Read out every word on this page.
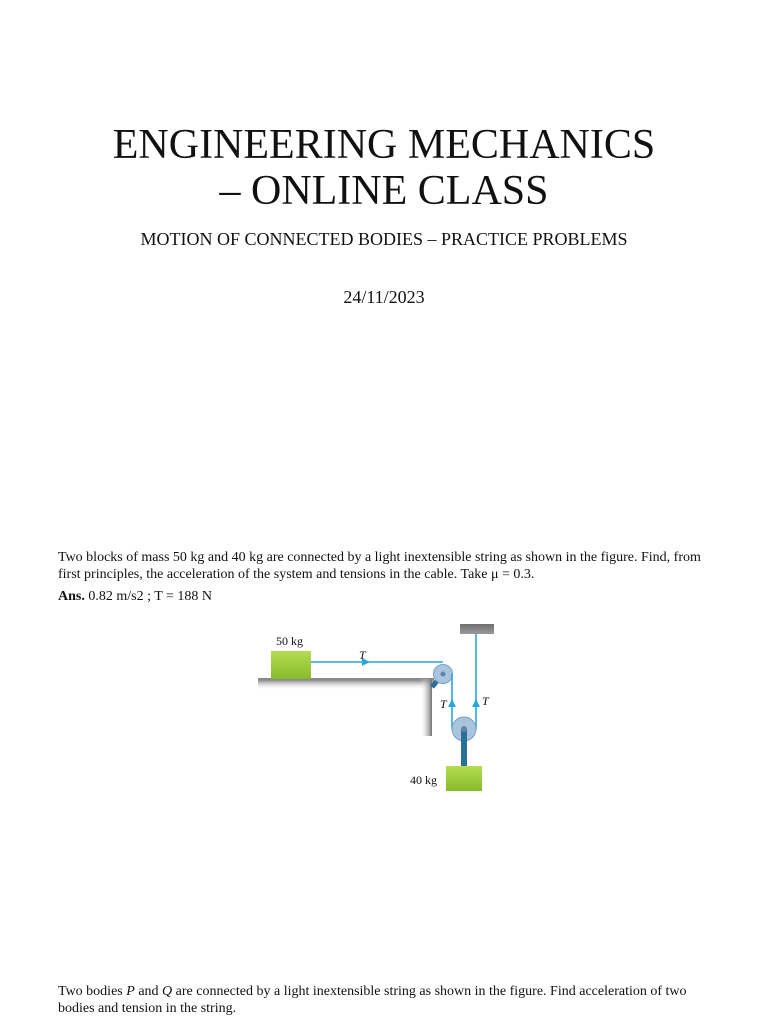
ENGINEERING MECHANICS
– ONLINE CLASS

MOTION OF CONNECTED BODIES – PRACTICE PROBLEMS

24/11/2023

Two blocks of mass 50 kg and 40 kg are connected by a light inextensible string as shown in the figure. Find, from first principles, the acceleration of the system and tensions in the cable. Take μ = 0.3.

Ans. 0.82 m/s2 ; T = 188 N

50 kg
T
T	T
40 kg

Two bodies P and Q are connected by a light inextensible string as shown in the figure. Find acceleration of two bodies and tension in the string.
